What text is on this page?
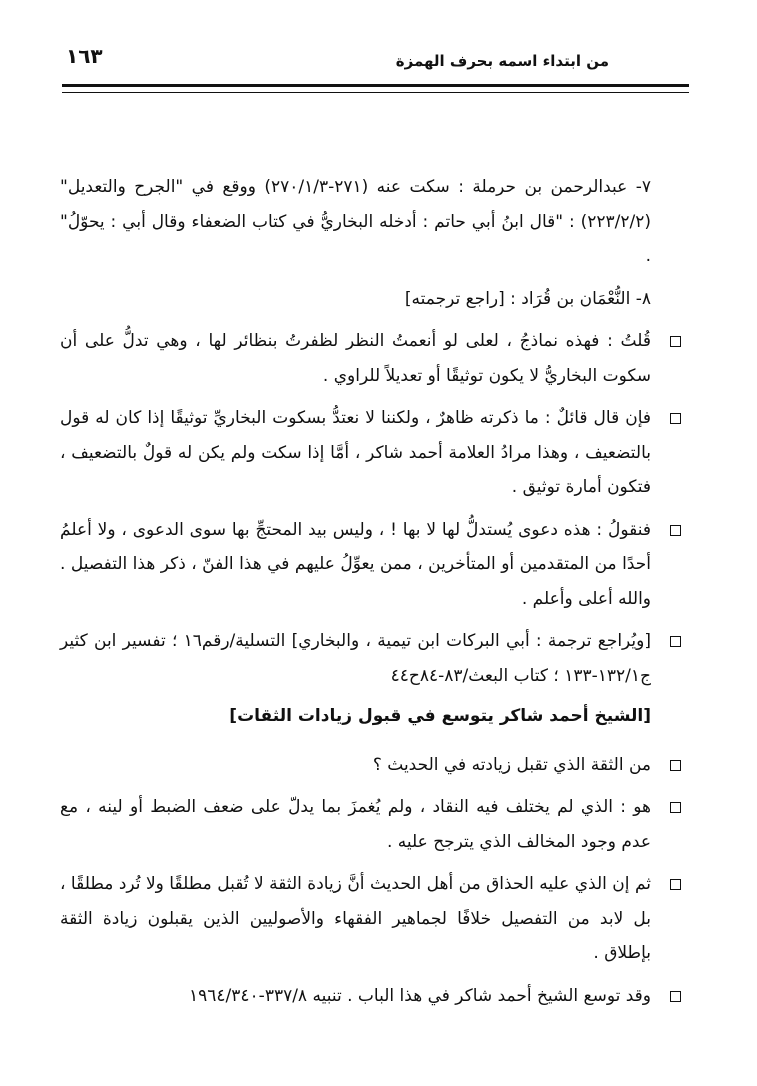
١٦٣	من ابتداء اسمه بحرف الهمزة

٧- عبدالرحمن بن حرملة : سكت عنه (٢٧١-٢٧٠/١/٣) ووقع في "الجرح والتعديل" (٢٢٣/٢/٢) : "قال ابنُ أبي حاتم : أدخله البخاريُّ في كتاب الضعفاء وقال أبي : يحوّلُ" .

٨- النُّعْمَان بن قُرَاد : [راجع ترجمته]

قُلتُ : فهذه نماذجُ ، لعلى لو أنعمتُ النظر لظفرتُ بنظائر لها ، وهي تدلُّ على أن سكوت البخاريُّ لا يكون توثيقًا أو تعديلاً للراوي .
فإن قال قائلٌ : ما ذكرته ظاهرٌ ، ولكننا لا نعتدُّ بسكوت البخاريِّ توثيقًا إذا كان له قول بالتضعيف ، وهذا مرادُ العلامة أحمد شاكر ، أمَّا إذا سكت ولم يكن له قولٌ بالتضعيف ، فتكون أمارة توثيق .
فنقولُ : هذه دعوى يُستدلُّ لها لا بها ! ، وليس بيد المحتجِّ بها سوى الدعوى ، ولا أعلمُ أحدًا من المتقدمين أو المتأخرين ، ممن يعوِّلُ عليهم في هذا الفنّ ، ذكر هذا التفصيل . والله أعلى وأعلم .
[ويُراجع ترجمة : أبي البركات ابن تيمية ، والبخاري] التسلية/رقم١٦ ؛ تفسير ابن كثير ج١٣٢/١-١٣٣ ؛ كتاب البعث/٨٣-٨٤ح٤٤

[الشيخ أحمد شاكر يتوسع في قبول زيادات الثقات]

من الثقة الذي تقبل زيادته في الحديث ؟
هو : الذي لم يختلف فيه النقاد ، ولم يُغمزَ بما يدلّ على ضعف الضبط أو لينه ، مع عدم وجود المخالف الذي يترجح عليه .
ثم إن الذي عليه الحذاق من أهل الحديث أنَّ زيادة الثقة لا تُقبل مطلقًا ولا تُرد مطلقًا ، بل لابد من التفصيل خلافًا لجماهير الفقهاء والأصوليين الذين يقبلون زيادة الثقة بإطلاق .
وقد توسع الشيخ أحمد شاكر في هذا الباب . تنبيه ٣٣٧/٨-١٩٦٤/٣٤٠
